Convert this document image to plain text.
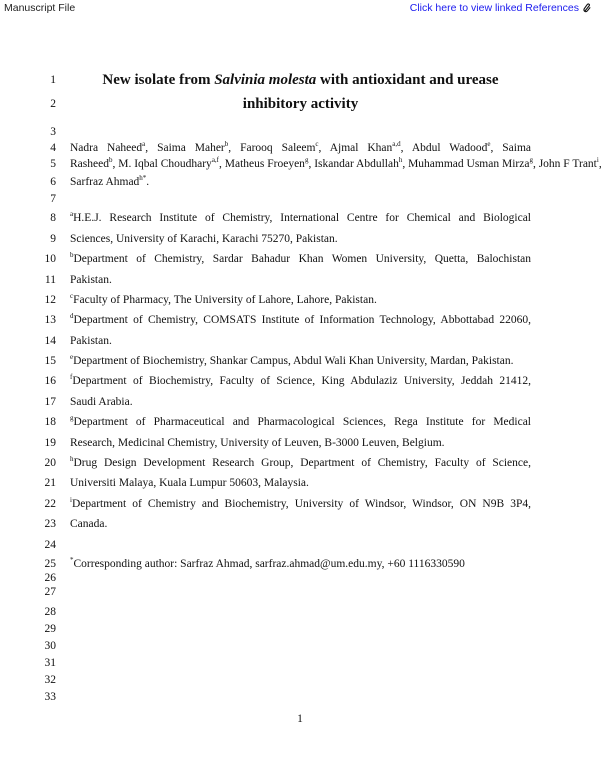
Manuscript File	Click here to view linked References
1
2
3
4
5
6
7
8
9
10
11
12
13
14
15
16
17
18
19
20
21
22
23
24
25
26
27
28
29
30
31
32
33
New isolate from Salvinia molesta with antioxidant and urease
inhibitory activity
Nadra Naheed$^a$, Saima Maher$^b$, Farooq Saleem$^c$, Ajmal Khan$^{a,d}$, Abdul Wadood$^e$, Saima
Rasheed$^b$, M. Iqbal Choudhary$^{a,f}$, Matheus Froeyen$^g$, Iskandar Abdullah$^h$, Muhammad Usman Mirza$^g$, John F Trant$^i$,
Sarfraz Ahmad$^{h*}$.
$^a$H.E.J. Research Institute of Chemistry, International Centre for Chemical and Biological
Sciences, University of Karachi, Karachi 75270, Pakistan.
$^b$Department of Chemistry, Sardar Bahadur Khan Women University, Quetta, Balochistan
Pakistan.
$^c$Faculty of Pharmacy, The University of Lahore, Lahore, Pakistan.
$^d$Department of Chemistry, COMSATS Institute of Information Technology, Abbottabad 22060,
Pakistan.
$^e$Department of Biochemistry, Shankar Campus, Abdul Wali Khan University, Mardan, Pakistan.
$^f$Department of Biochemistry, Faculty of Science, King Abdulaziz University, Jeddah 21412,
Saudi Arabia.
$^g$Department of Pharmaceutical and Pharmacological Sciences, Rega Institute for Medical
Research, Medicinal Chemistry, University of Leuven, B-3000 Leuven, Belgium.
$^h$Drug Design Development Research Group, Department of Chemistry, Faculty of Science,
Universiti Malaya, Kuala Lumpur 50603, Malaysia.
$^i$Department of Chemistry and Biochemistry, University of Windsor, Windsor, ON N9B 3P4,
Canada.
*Corresponding author: Sarfraz Ahmad, sarfraz.ahmad@um.edu.my, +60 1116330590
1
